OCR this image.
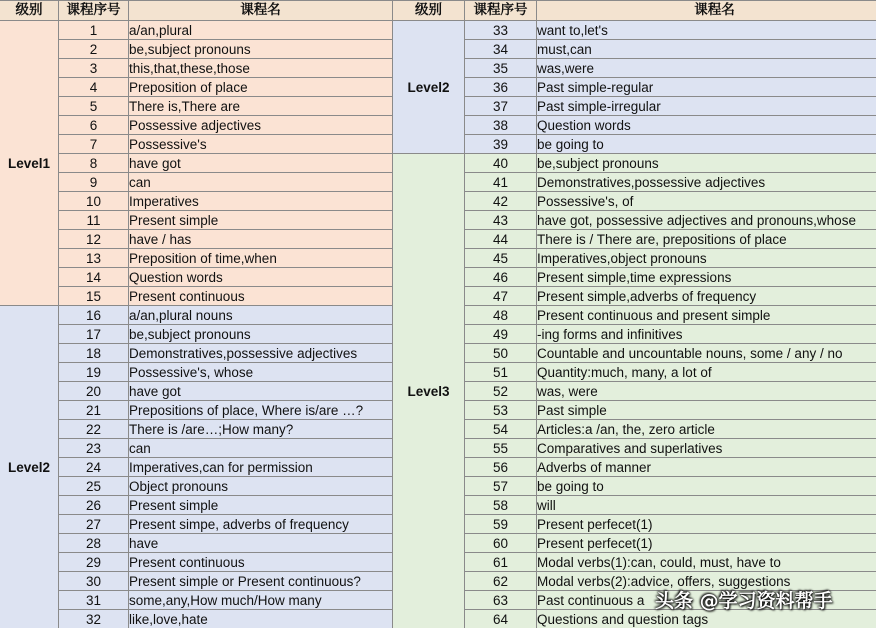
级别	课程序号	课程名
Level1	1	a/an,plural
	2	be,subject pronouns
	3	this,that,these,those
	4	Preposition of place
	5	There is,There are
	6	Possessive adjectives
	7	Possessive's
	8	have got
	9	can
	10	Imperatives
	11	Present simple
	12	have / has
	13	Preposition of time,when
	14	Question words
	15	Present continuous
Level2	16	a/an,plural nouns
	17	be,subject pronouns
	18	Demonstratives,possessive adjectives
	19	Possessive's, whose
	20	have got
	21	Prepositions of place, Where is/are …?
	22	There is /are…;How many?
	23	can
	24	Imperatives,can for permission
	25	Object pronouns
	26	Present simple
	27	Present simpe, adverbs of frequency
	28	have
	29	Present continuous
	30	Present simple or Present continuous?
	31	some,any,How much/How many
	32	like,love,hate
级别	课程序号	课程名
Level2	33	want to,let's
	34	must,can
	35	was,were
	36	Past simple-regular
	37	Past simple-irregular
	38	Question words
	39	be going to
Level3	40	be,subject pronouns
	41	Demonstratives,possessive adjectives
	42	Possessive's, of
	43	have got, possessive adjectives and pronouns,whose
	44	There is / There are, prepositions of place
	45	Imperatives,object pronouns
	46	Present simple,time expressions
	47	Present simple,adverbs of frequency
	48	Present continuous and present simple
	49	-ing forms and infinitives
	50	Countable and uncountable nouns, some / any / no
	51	Quantity:much, many, a lot of
	52	was, were
	53	Past simple
	54	Articles:a /an, the, zero article
	55	Comparatives and superlatives
	56	Adverbs of manner
	57	be going to
	58	will
	59	Present perfecet(1)
	60	Present perfecet(1)
	61	Modal verbs(1):can, could, must, have to
	62	Modal verbs(2):advice, offers, suggestions
	63	Past continuous a
	64	Questions and question tags
头条 @学习资料帮手
